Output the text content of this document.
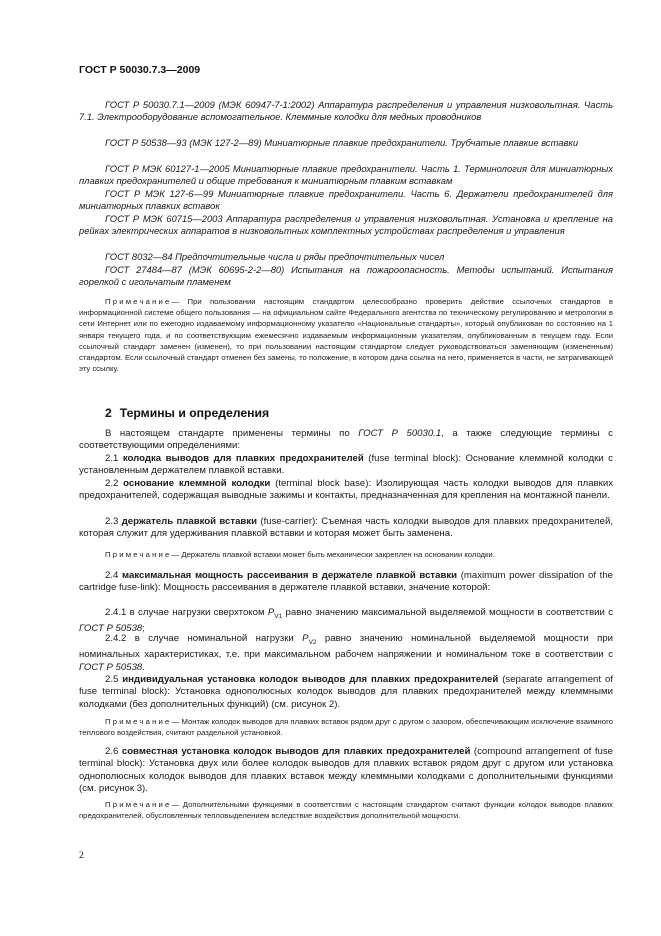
ГОСТ Р 50030.7.3—2009

ГОСТ Р 50030.7.1—2009 (МЭК 60947-7-1:2002) Аппаратура распределения и управления низковольтная. Часть 7.1. Электрооборудование вспомогательное. Клеммные колодки для медных проводников

ГОСТ Р 50538—93 (МЭК 127-2—89) Миниатюрные плавкие предохранители. Трубчатые плавкие вставки

ГОСТ Р МЭК 60127-1—2005 Миниатюрные плавкие предохранители. Часть 1. Терминология для миниатюрных плавких предохранителей и общие требования к миниатюрным плавким вставкам

ГОСТ Р МЭК 127-6—99 Миниатюрные плавкие предохранители. Часть 6. Держатели предохранителей для миниатюрных плавких вставок

ГОСТ Р МЭК 60715—2003 Аппаратура распределения и управления низковольтная. Установка и крепление на рейках электрических аппаратов в низковольтных комплектных устройствах распределения и управления

ГОСТ 8032—84 Предпочтительные числа и ряды предпочтительных чисел

ГОСТ 27484—87 (МЭК 60695-2-2—80) Испытания на пожароопасность. Методы испытаний. Испытания горелкой с игольчатым пламенем

Примечание— При пользовании настоящим стандартом целесообразно проверить действие ссылочных стандартов в информационной системе общего пользования — на официальном сайте Федерального агентства по техническому регулированию и метрологии в сети Интернет или по ежегодно издаваемому информационному указателю «Национальные стандарты», который опубликован по состоянию на 1 января текущего года, и по соответствующим ежемесячно издаваемым информационным указателям, опубликованным в текущем году. Если ссылочный стандарт заменен (изменен), то при пользовании настоящим стандартом следует руководствоваться заменяющим (измененным) стандартом. Если ссылочный стандарт отменен без замены, то положение, в котором дана ссылка на него, применяется в части, не затрагивающей эту ссылку.

2 Термины и определения

В настоящем стандарте применены термины по ГОСТ Р 50030.1, а также следующие термины с соответствующими определениями:

2.1 колодка выводов для плавких предохранителей (fuse terminal block): Основание клеммной колодки с установленным держателем плавкой вставки.

2.2 основание клеммной колодки (terminal block base): Изолирующая часть колодки выводов для плавких предохранителей, содержащая выводные зажимы и контакты, предназначенная для крепления на монтажной панели.

2.3 держатель плавкой вставки (fuse-carrier): Съемная часть колодки выводов для плавких предохранителей, которая служит для удерживания плавкой вставки и которая может быть заменена.

Примечание— Держатель плавкой вставки может быть механически закреплен на основании колодки.

2.4 максимальная мощность рассеивания в держателе плавкой вставки (maximum power dissipation of the cartridge fuse-link): Мощность рассеивания в держателе плавкой вставки, значение которой:

2.4.1 в случае нагрузки сверхтоком $P_{V1}$ равно значению максимальной выделяемой мощности в соответствии с ГОСТ Р 50538;

2.4.2 в случае номинальной нагрузки $P_{V2}$ равно значению номинальной выделяемой мощности при номинальных характеристиках, т.е. при максимальном рабочем напряжении и номинальном токе в соответствии с ГОСТ Р 50538.

2.5 индивидуальная установка колодок выводов для плавких предохранителей (separate arrangement of fuse terminal block): Установка однополюсных колодок выводов для плавких предохранителей между клеммными колодками (без дополнительных функций) (см. рисунок 2).

Примечание— Монтаж колодок выводов для плавких вставок рядом друг с другом с зазором, обеспечивающим исключение взаимного теплового воздействия, считают раздельной установкой.

2.6 совместная установка колодок выводов для плавких предохранителей (compound arrangement of fuse terminal block): Установка двух или более колодок выводов для плавких вставок рядом друг с другом или установка однополюсных колодок выводов для плавких вставок между клеммными колодками с дополнительными функциями (см. рисунок 3).

Примечание— Дополнительными функциями в соответствии с настоящим стандартом считают функции колодок выводов плавких предохранителей, обусловленных тепловыделением вследствие воздействия дополнительной мощности.

2
